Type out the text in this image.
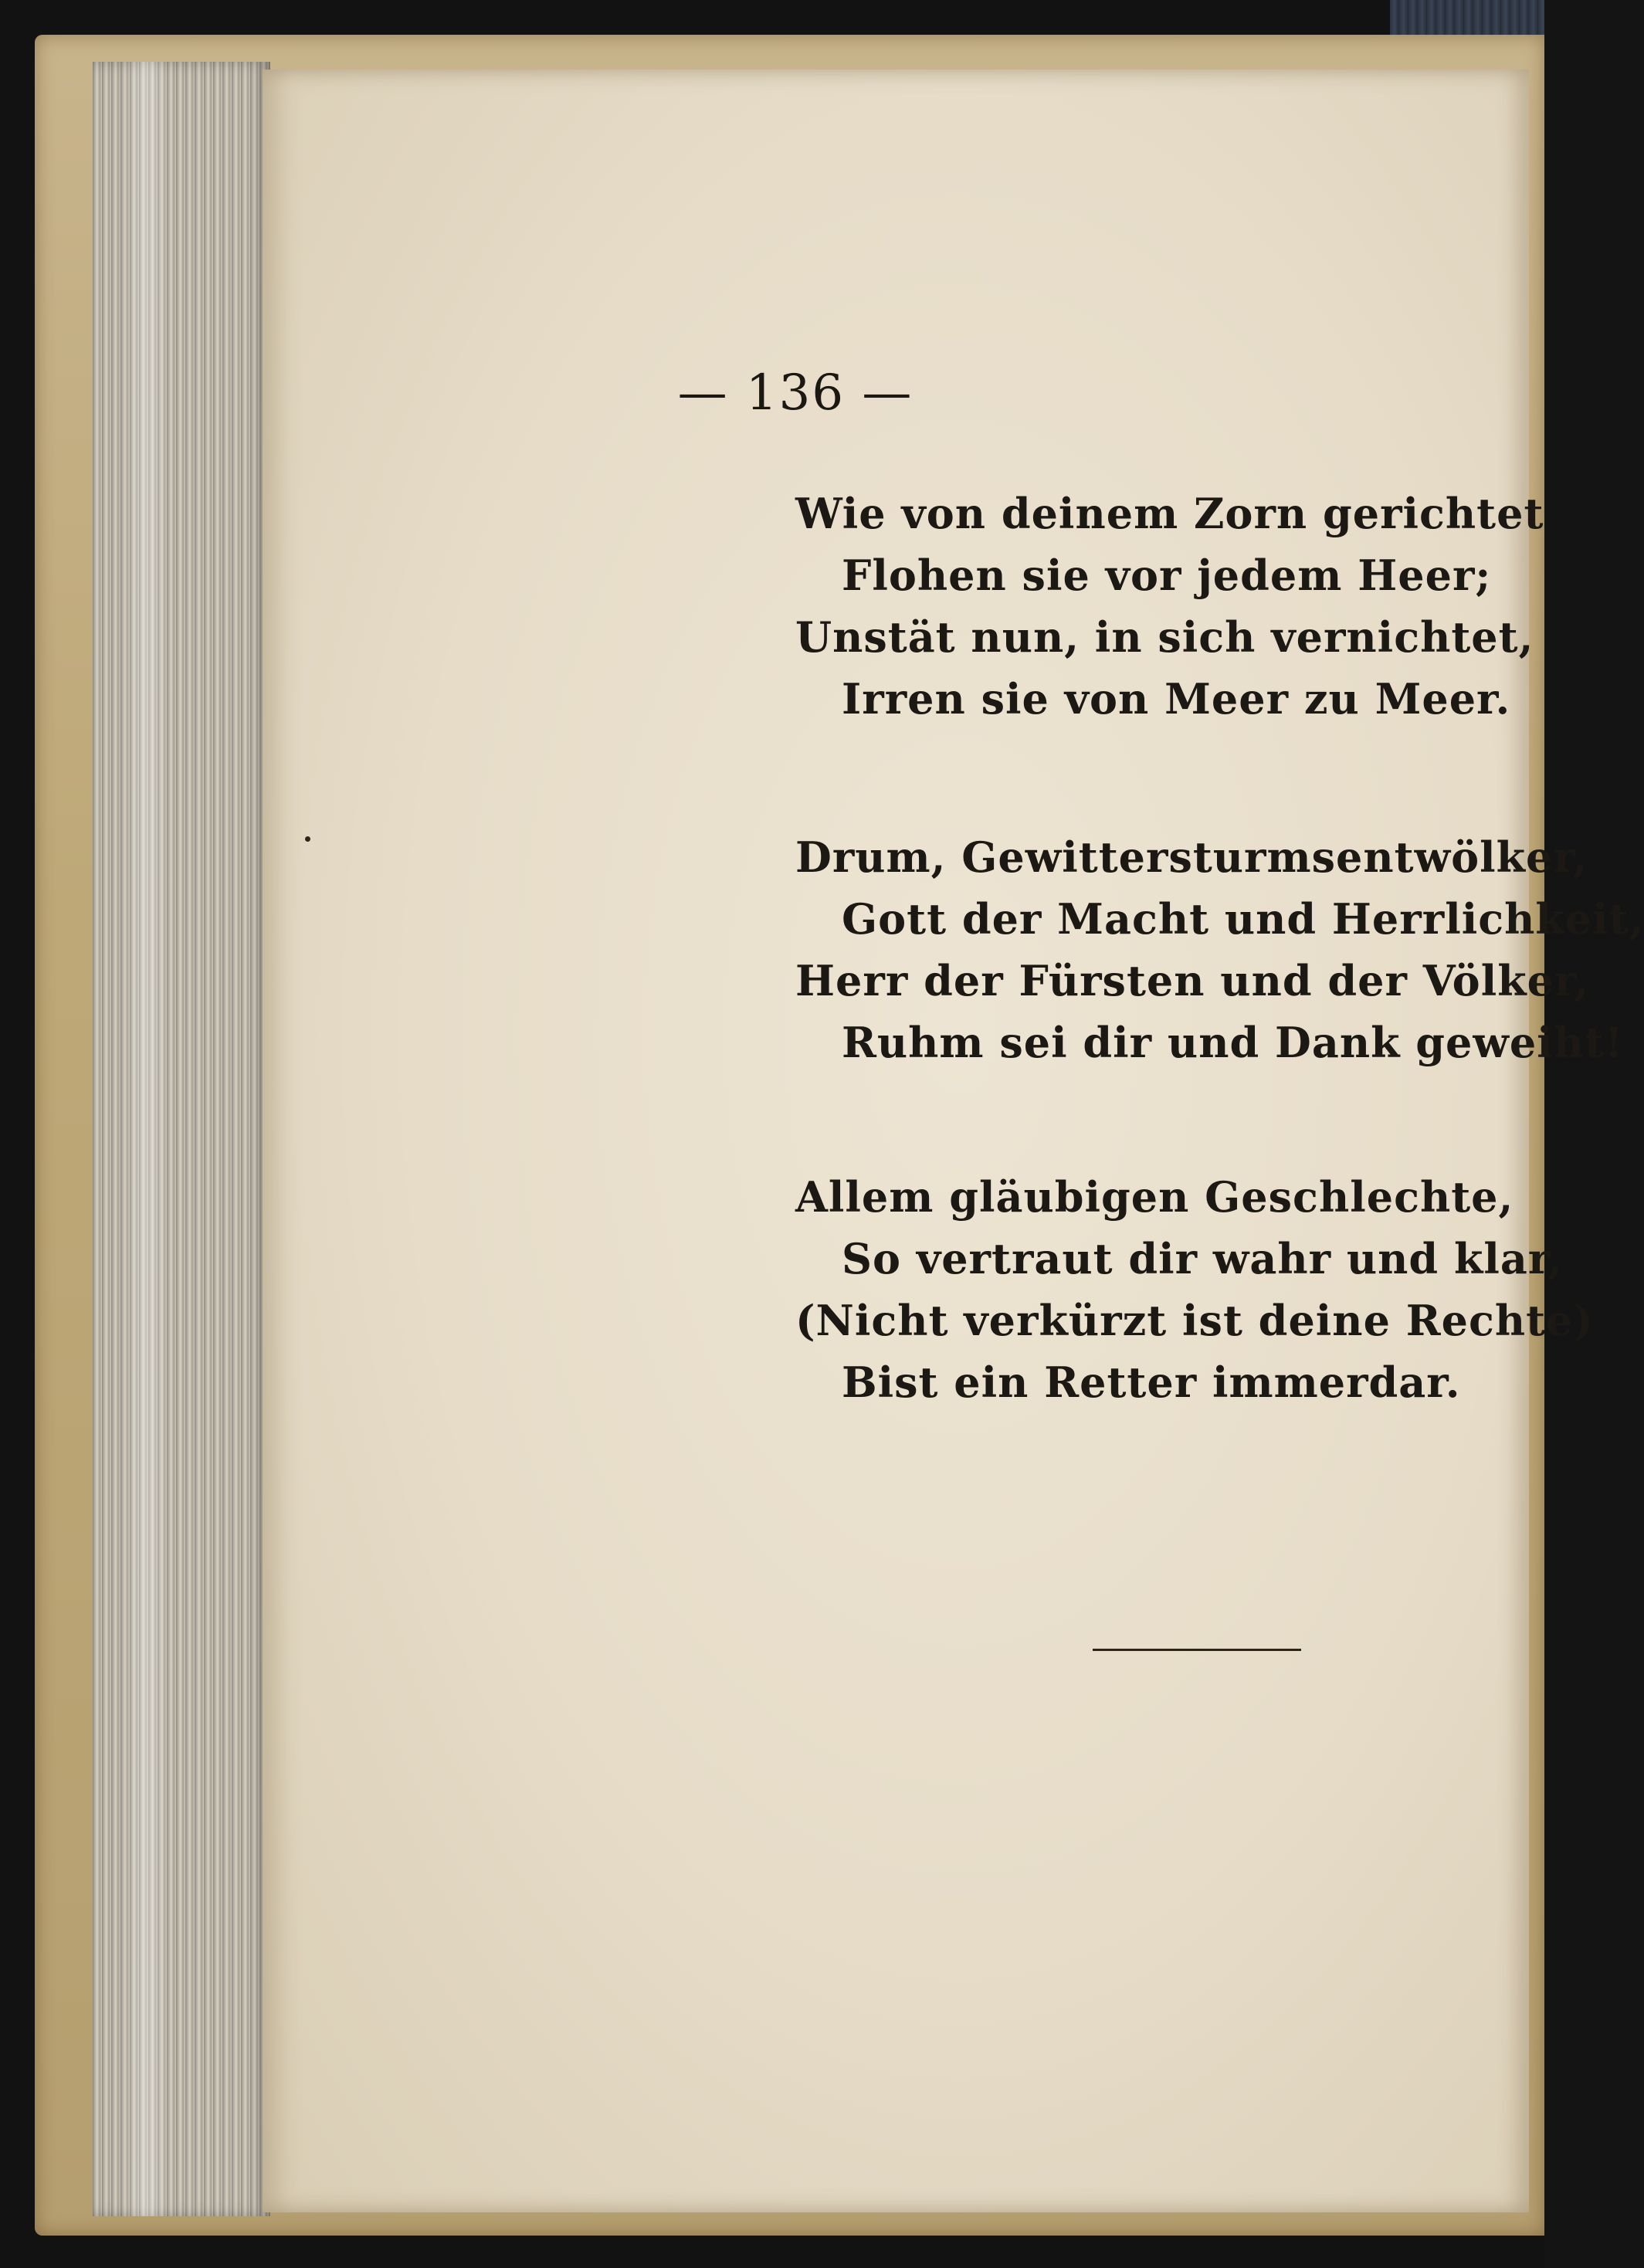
— 136 —
Wie von deinem Zorn gerichtet
Flohen sie vor jedem Heer;
Unstät nun, in sich vernichtet,
Irren sie von Meer zu Meer.
Drum, Gewittersturmsentwölker,
Gott der Macht und Herrlichkeit,
Herr der Fürsten und der Völker,
Ruhm sei dir und Dank geweiht!
Allem gläubigen Geschlechte,
So vertraut dir wahr und klar,
(Nicht verkürzt ist deine Rechte)
Bist ein Retter immerdar.
